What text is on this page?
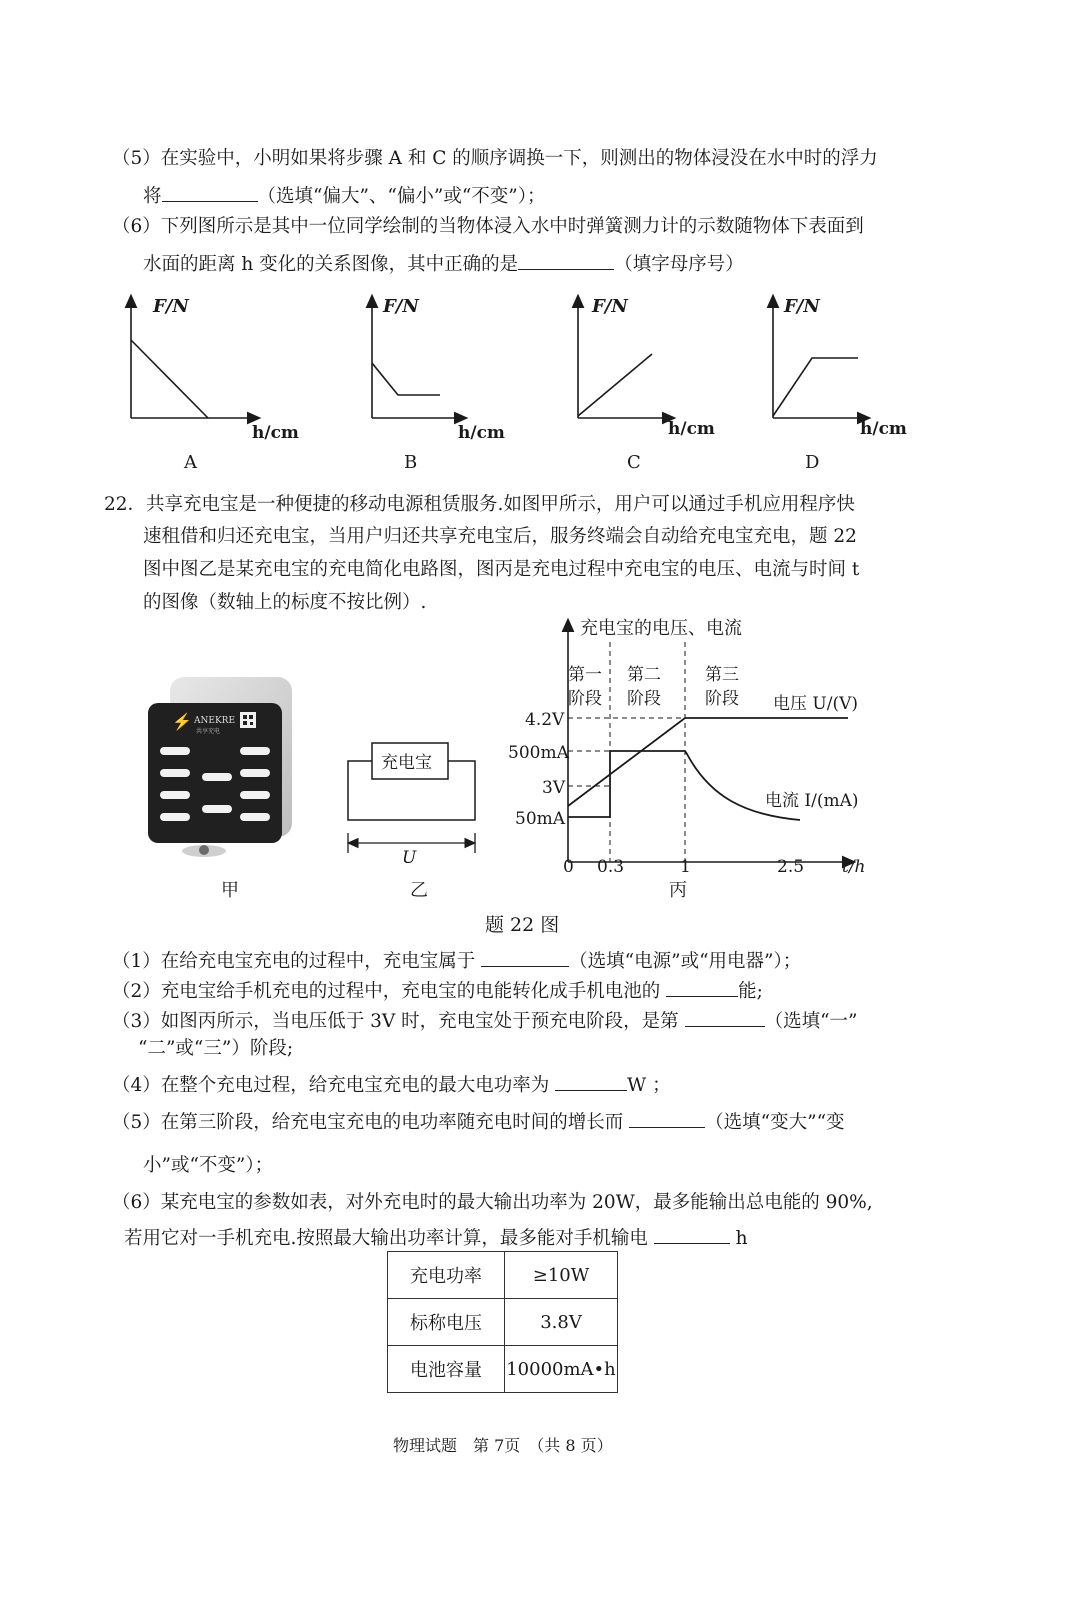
（5）在实验中，小明如果将步骤 A 和 C 的顺序调换一下，则测出的物体浸没在水中时的浮力
将	（选填“偏大”、“偏小”或“不变”）；
（6）下列图所示是其中一位同学绘制的当物体浸入水中时弹簧测力计的示数随物体下表面到
水面的距离 h 变化的关系图像，其中正确的是	（填字母序号）
F/N
h/cm
A
F/N
h/cm
B
F/N
h/cm
C
F/N
h/cm
D
22．共享充电宝是一种便捷的移动电源租赁服务.如图甲所示，用户可以通过手机应用程序快
速租借和归还充电宝，当用户归还共享充电宝后，服务终端会自动给充电宝充电，题 22
图中图乙是某充电宝的充电简化电路图，图丙是充电过程中充电宝的电压、电流与时间 t
的图像（数轴上的标度不按比例）.
⚡ ANEKRE
共享充电
甲
充电宝
U
乙
充电宝的电压、电流
第一
阶段
第二
阶段
第三
阶段
4.2V
500mA
3V
50mA
电压 U/(V)
电流 I/(mA)
0 0.3	1	2.5 t/h
丙
题 22 图
（1）在给充电宝充电的过程中，充电宝属于	（选填“电源”或“用电器”）；
（2）充电宝给手机充电的过程中，充电宝的电能转化成手机电池的	能;
（3）如图丙所示，当电压低于 3V 时，充电宝处于预充电阶段，是第	（选填“一”
“二”或“三”）阶段;
（4）在整个充电过程，给充电宝充电的最大电功率为	W ；
（5）在第三阶段，给充电宝充电的电功率随充电时间的增长而	（选填“变大”“变
小”或“不变”）；
（6）某充电宝的参数如表，对外充电时的最大输出功率为 20W，最多能输出总电能的 90%,
若用它对一手机充电.按照最大输出功率计算，最多能对手机输电	h
充电功率	≥10W
标称电压	3.8V
电池容量	10000mA•h
物理试题　第 7页　（共 8 页）
